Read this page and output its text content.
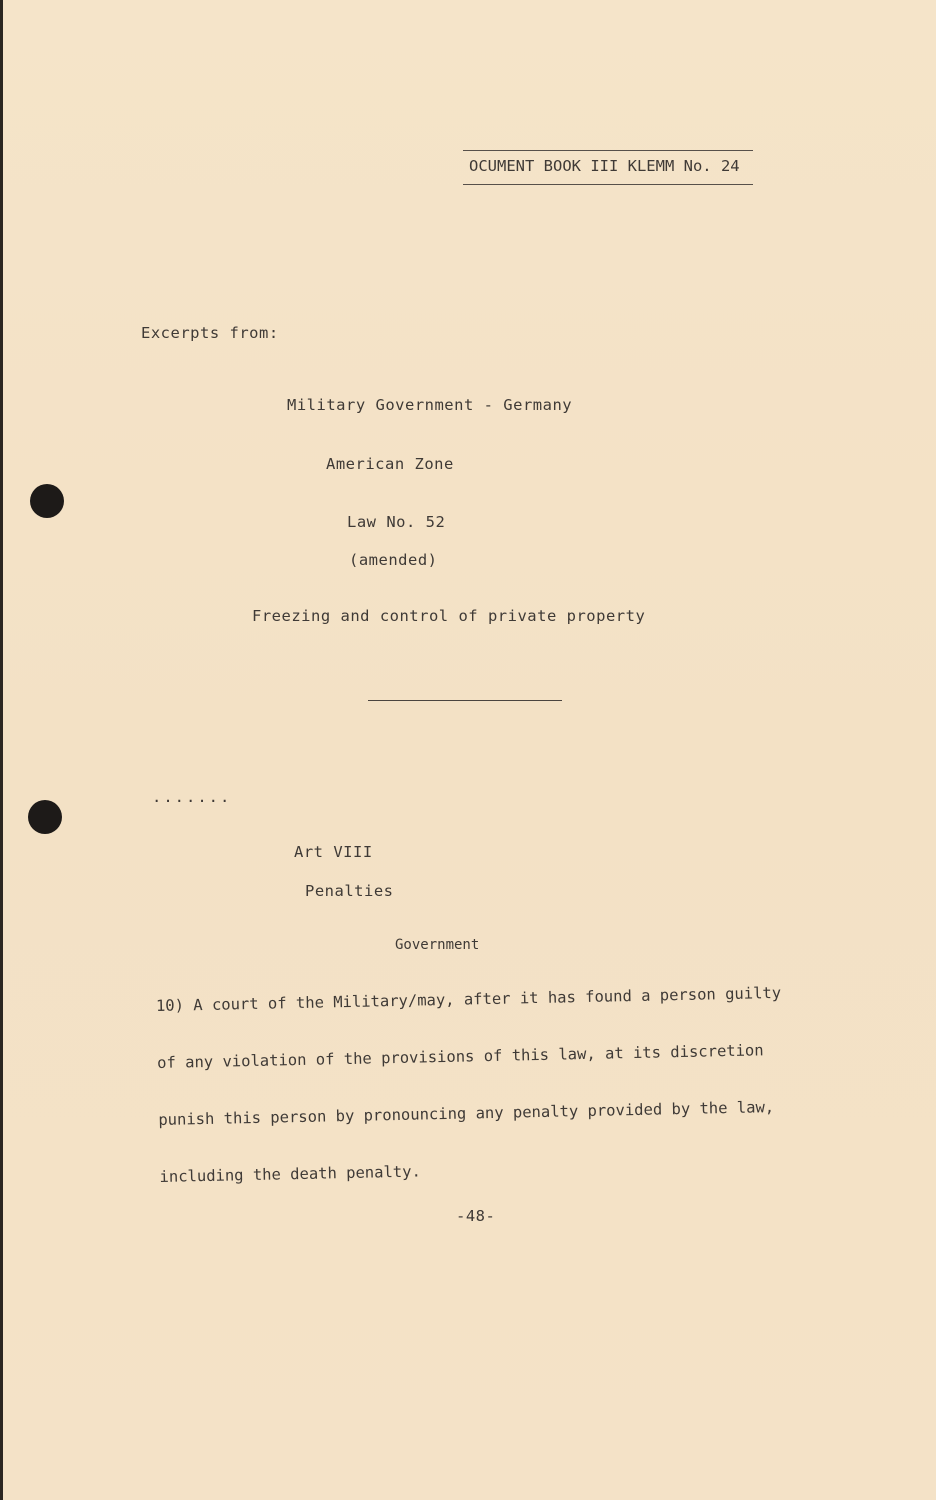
OCUMENT BOOK III KLEMM No. 24
Excerpts from:
Military Government - Germany
American Zone
Law No. 52
(amended)
Freezing and control of private property
.......
Art VIII
Penalties
Government

10) A court of the Military/may, after it has found a person guilty

of any violation of the provisions of this law, at its discretion

punish this person by pronouncing any penalty provided by the law,

including the death penalty.

-48-
